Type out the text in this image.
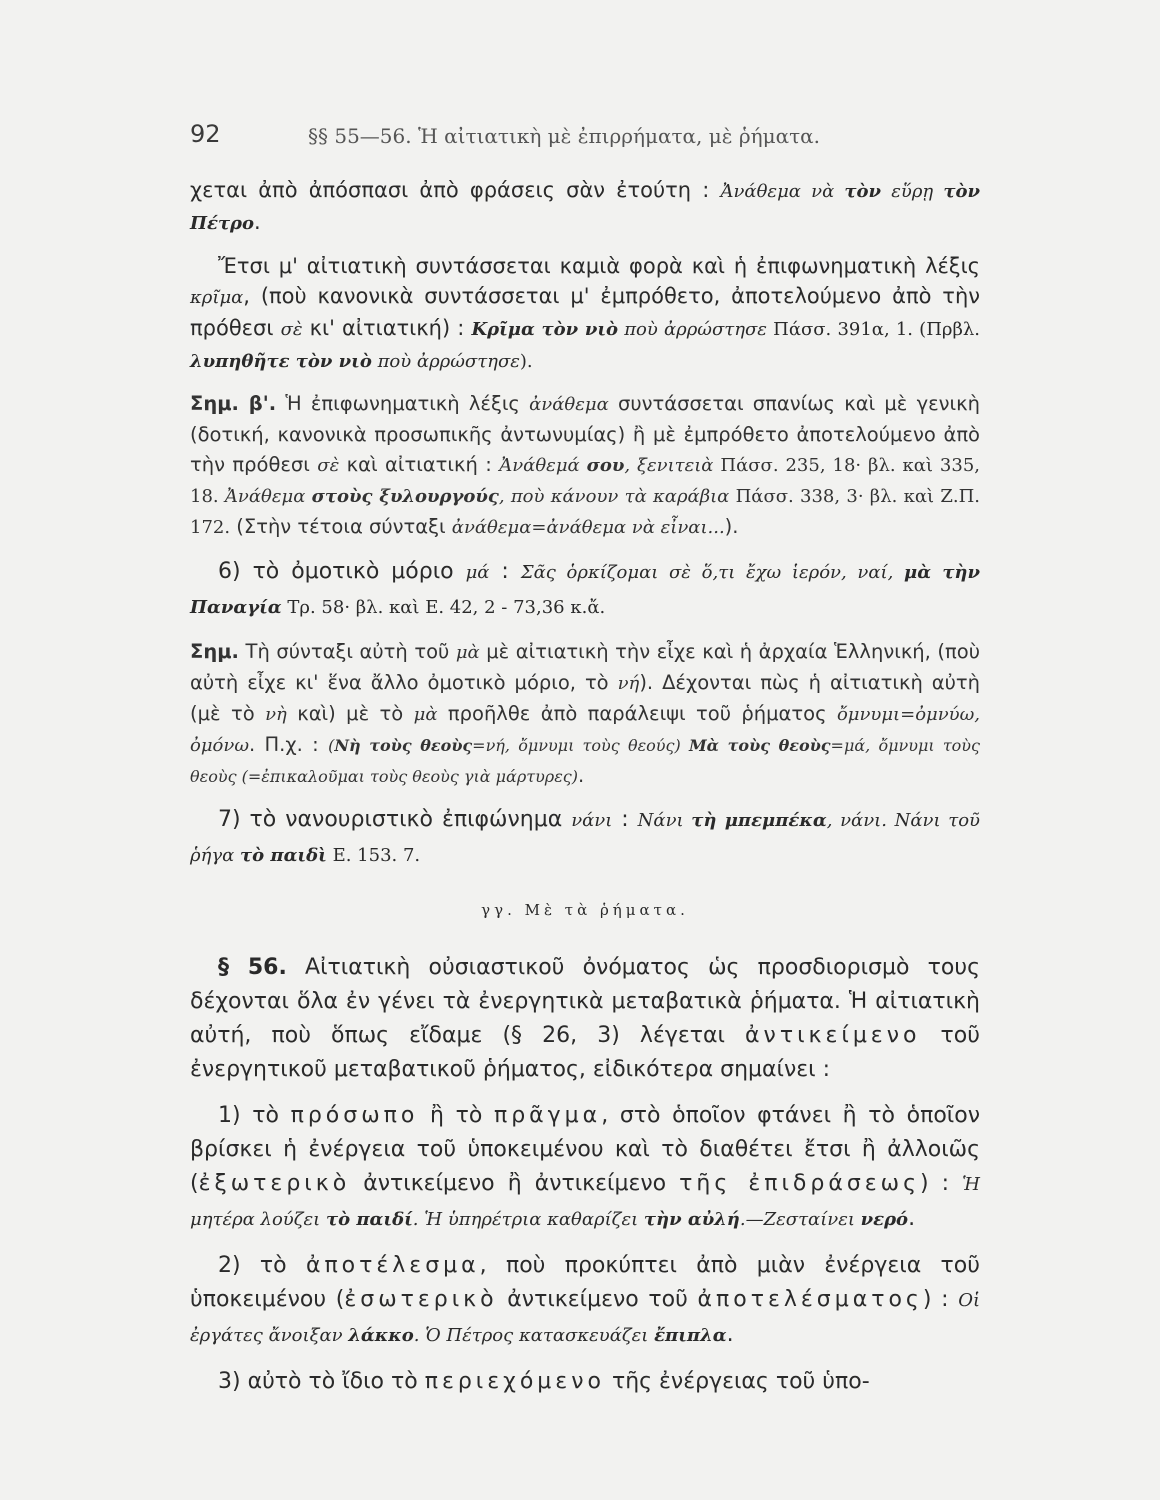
92	§§ 55—56. Ἡ αἰτιατικὴ μὲ ἐπιρρήματα, μὲ ῥήματα.

χεται ἀπὸ ἀπόσπασι ἀπὸ φράσεις σὰν ἐτούτη : Ἀνάθεμα νὰ τὸν εὕρῃ τὸν Πέτρο.

Ἔτσι μ' αἰτιατικὴ συντάσσεται καμιὰ φορὰ καὶ ἡ ἐπιφωνηματικὴ λέξις κρῖμα, (ποὺ κανονικὰ συντάσσεται μ' ἐμπρόθετο, ἀποτελούμενο ἀπὸ τὴν πρόθεσι σὲ κι' αἰτιατική) : Κρῖμα τὸν νιὸ ποὺ ἀρρώστησε Πάσσ. 391α, 1. (Πρβλ. λυπηθῆτε τὸν νιὸ ποὺ ἀρρώστησε).

Σημ. β'. Ἡ ἐπιφωνηματικὴ λέξις ἀνάθεμα συντάσσεται σπανίως καὶ μὲ γενικὴ (δοτική, κανονικὰ προσωπικῆς ἀντωνυμίας) ἢ μὲ ἐμπρόθετο ἀποτελούμενο ἀπὸ τὴν πρόθεσι σὲ καὶ αἰτιατική : Ἀνάθεμά σου, ξενιτειὰ Πάσσ. 235, 18· βλ. καὶ 335, 18. Ἀνάθεμα στοὺς ξυλουργούς, ποὺ κάνουν τὰ καράβια Πάσσ. 338, 3· βλ. καὶ Ζ.Π. 172. (Στὴν τέτοια σύνταξι ἀνάθεμα=ἀνάθεμα νὰ εἶναι...).

6) τὸ ὀμοτικὸ μόριο μά : Σᾶς ὁρκίζομαι σὲ ὅ,τι ἔχω ἱερόν, ναί, μὰ τὴν Παναγία Τρ. 58· βλ. καὶ Ε. 42, 2 - 73,36 κ.ἄ.

Σημ. Τὴ σύνταξι αὐτὴ τοῦ μὰ μὲ αἰτιατικὴ τὴν εἶχε καὶ ἡ ἀρχαία Ἑλληνική, (ποὺ αὐτὴ εἶχε κι' ἕνα ἄλλο ὀμοτικὸ μόριο, τὸ νή). Δέχονται πὼς ἡ αἰτιατικὴ αὐτὴ (μὲ τὸ νὴ καὶ) μὲ τὸ μὰ προῆλθε ἀπὸ παράλειψι τοῦ ῥήματος ὄμνυμι=ὀμνύω, ὀμόνω. Π.χ. : (Νὴ τοὺς θεοὺς=νή, ὄμνυμι τοὺς θεούς) Μὰ τοὺς θεοὺς=μά, ὄμνυμι τοὺς θεοὺς (=ἐπικαλοῦμαι τοὺς θεοὺς γιὰ μάρτυρες).

7) τὸ νανουριστικὸ ἐπιφώνημα νάνι : Νάνι τὴ μπεμπέκα, νάνι. Νάνι τοῦ ῥήγα τὸ παιδὶ Ε. 153. 7.

γγ. Μὲ τὰ ῥήματα.

§ 56. Αἰτιατικὴ οὐσιαστικοῦ ὀνόματος ὡς προσδιορισμὸ τους δέχονται ὅλα ἐν γένει τὰ ἐνεργητικὰ μεταβατικὰ ῥήματα. Ἡ αἰτιατικὴ αὐτή, ποὺ ὅπως εἴδαμε (§ 26, 3) λέγεται ἀντικείμενο τοῦ ἐνεργητικοῦ μεταβατικοῦ ῥήματος, εἰδικότερα σημαίνει :

1) τὸ πρόσωπο ἢ τὸ πρᾶγμα, στὸ ὁποῖον φτάνει ἢ τὸ ὁποῖον βρίσκει ἡ ἐνέργεια τοῦ ὑποκειμένου καὶ τὸ διαθέτει ἔτσι ἢ ἀλλοιῶς (ἐξωτερικὸ ἀντικείμενο ἢ ἀντικείμενο τῆς ἐπιδράσεως) : Ἡ μητέρα λούζει τὸ παιδί. Ἡ ὑπηρέτρια καθαρίζει τὴν αὐλή.—Ζεσταίνει νερό.

2) τὸ ἀποτέλεσμα, ποὺ προκύπτει ἀπὸ μιὰν ἐνέργεια τοῦ ὑποκειμένου (ἐσωτερικὸ ἀντικείμενο τοῦ ἀποτελέσματος) : Οἱ ἐργάτες ἄνοιξαν λάκκο. Ὁ Πέτρος κατασκευάζει ἔπιπλα.

3) αὐτὸ τὸ ἴδιο τὸ περιεχόμενο τῆς ἐνέργειας τοῦ ὑπο-
